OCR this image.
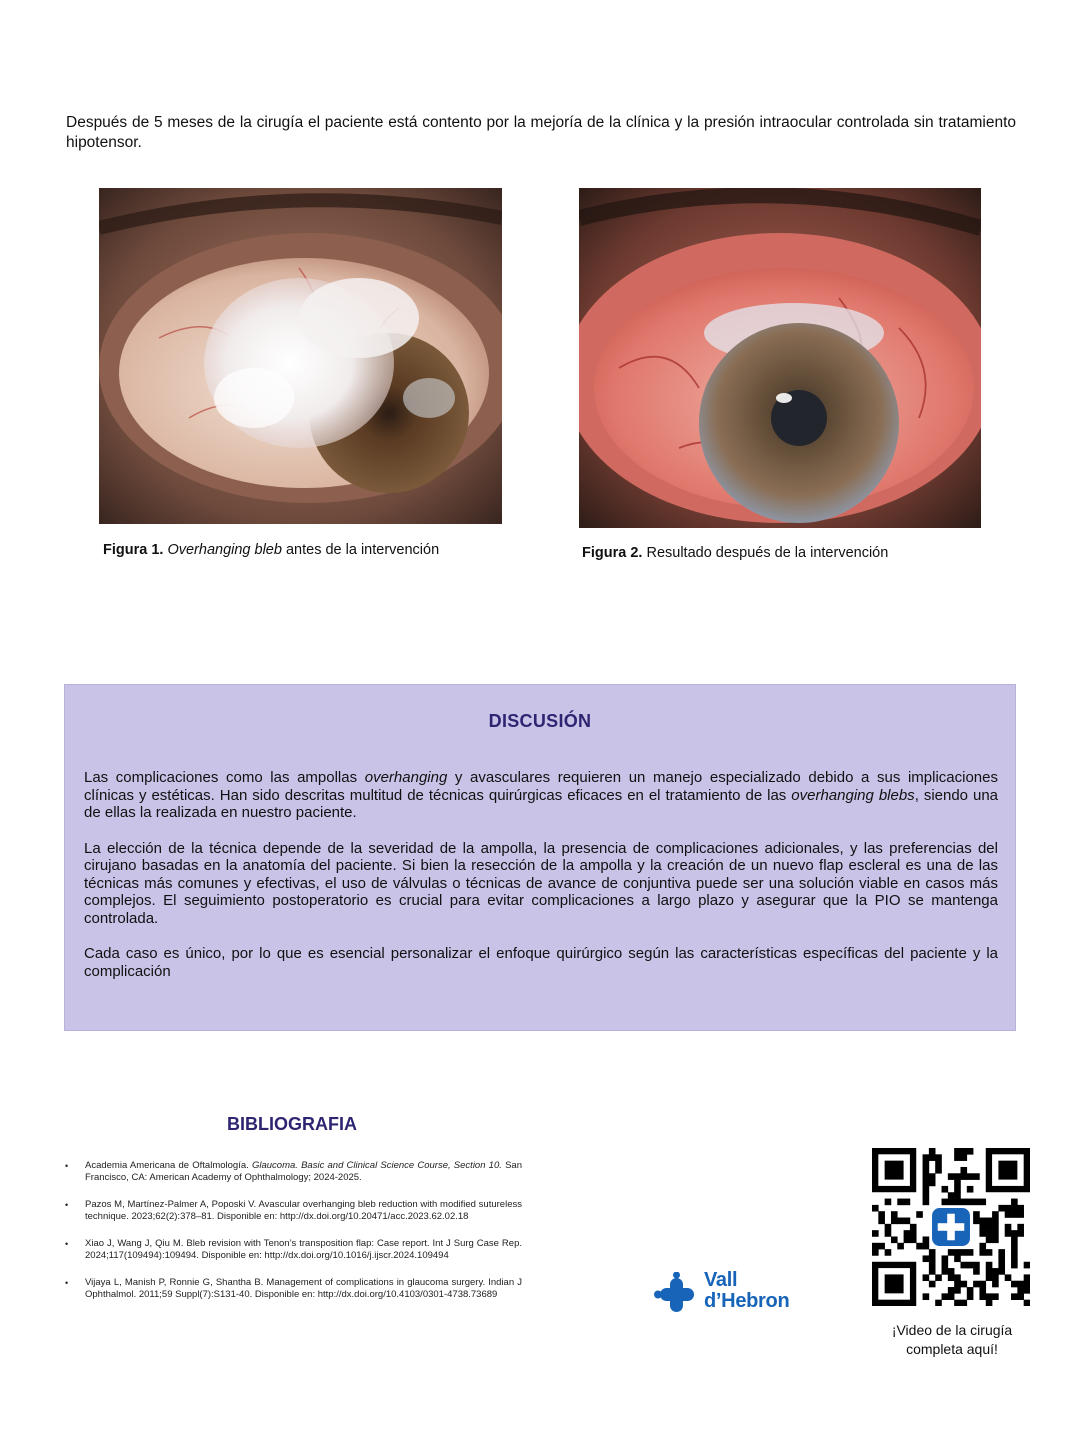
Después de 5 meses de la cirugía el paciente está contento por la mejoría de la clínica y la presión intraocular controlada sin tratamiento hipotensor.
Figura 1. Overhanging bleb antes de la intervención	Figura 2. Resultado después de la intervención
DISCUSIÓN

Las complicaciones como las ampollas overhanging y avasculares requieren un manejo especializado debido a sus implicaciones clínicas y estéticas. Han sido descritas multitud de técnicas quirúrgicas eficaces en el tratamiento de las overhanging blebs, siendo una de ellas la realizada en nuestro paciente.

La elección de la técnica depende de la severidad de la ampolla, la presencia de complicaciones adicionales, y las preferencias del cirujano basadas en la anatomía del paciente. Si bien la resección de la ampolla y la creación de un nuevo flap escleral es una de las técnicas más comunes y efectivas, el uso de válvulas o técnicas de avance de conjuntiva puede ser una solución viable en casos más complejos. El seguimiento postoperatorio es crucial para evitar complicaciones a largo plazo y asegurar que la PIO se mantenga controlada.

Cada caso es único, por lo que es esencial personalizar el enfoque quirúrgico según las características específicas del paciente y la complicación

BIBLIOGRAFIA
• Academia Americana de Oftalmología. Glaucoma. Basic and Clinical Science Course, Section 10. San Francisco, CA: American Academy of Ophthalmology; 2024-2025.
• Pazos M, Martínez-Palmer A, Poposki V. Avascular overhanging bleb reduction with modified sutureless technique. 2023;62(2):378–81. Disponible en: http://dx.doi.org/10.20471/acc.2023.62.02.18
• Xiao J, Wang J, Qiu M. Bleb revision with Tenon’s transposition flap: Case report. Int J Surg Case Rep. 2024;117(109494):109494. Disponible en: http://dx.doi.org/10.1016/j.ijscr.2024.109494
• Vijaya L, Manish P, Ronnie G, Shantha B. Management of complications in glaucoma surgery. Indian J Ophthalmol. 2011;59 Suppl(7):S131-40. Disponible en: http://dx.doi.org/10.4103/0301-4738.73689
Vall
d’Hebron
¡Video de la cirugía
completa aquí!
